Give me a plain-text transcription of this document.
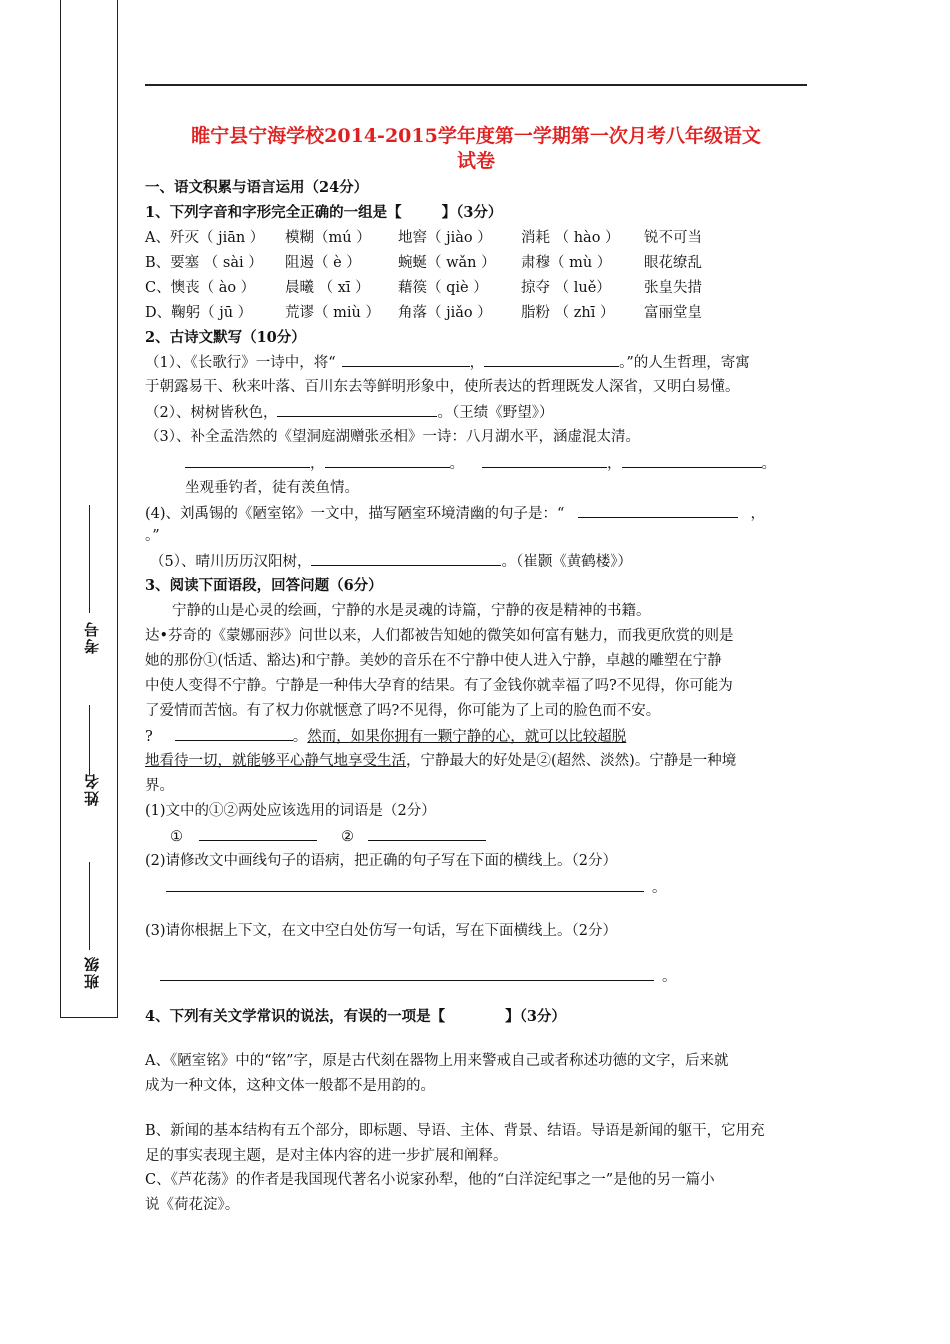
考号
姓名
班级
睢宁县宁海学校2014-2015学年度第一学期第一次月考八年级语文
试卷
一、语文积累与语言运用（24分）
1、下列字音和字形完全正确的一组是【	】（3分）
A、歼灭（ jiān ） 模糊（mú ） 地窖（ jiào ） 消耗 （ hào ） 锐不可当
B、要塞 （ sài ） 阻遏（ è ）	蜿蜒（ wǎn ） 肃穆（ mù ） 眼花缭乱
C、懊丧（ ào ） 晨曦 （ xī ） 藉篌（ qiè ） 掠夺 （ luě） 张皇失措
D、鞠躬（ jū ） 荒谬（ miù ） 角落（ jiǎo ） 脂粉 （ zhī ） 富丽堂皇
2、古诗文默写（10分）
（1）、《长歌行》一诗中，将“	，	。”的人生哲理，寄寓
于朝露易干、秋来叶落、百川东去等鲜明形象中，使所表达的哲理既发人深省，又明白易懂。
（2）、树树皆秋色，	。（王绩《野望》）
（3）、补全孟浩然的《望洞庭湖赠张丞相》一诗：八月湖水平，涵虚混太清。
，	。	，	。
坐观垂钓者，徒有羡鱼情。
(4)、刘禹锡的《陋室铭》一文中，描写陋室环境清幽的句子是：“	，
。”
（5）、晴川历历汉阳树，	。（崔颢《黄鹤楼》）
3、阅读下面语段，回答问题（6分）
宁静的山是心灵的绘画，宁静的水是灵魂的诗篇，宁静的夜是精神的书籍。
达•芬奇的《蒙娜丽莎》问世以来，人们都被告知她的微笑如何富有魅力，而我更欣赏的则是
她的那份①(恬适、豁达)和宁静。美妙的音乐在不宁静中使人进入宁静，卓越的雕塑在宁静
中使人变得不宁静。宁静是一种伟大孕育的结果。有了金钱你就幸福了吗?不见得，你可能为
了爱情而苦恼。有了权力你就惬意了吗?不见得，你可能为了上司的脸色而不安。
?	。然而，如果你拥有一颗宁静的心，就可以比较超脱
地看待一切，就能够平心静气地享受生活，宁静最大的好处是②(超然、淡然)。宁静是一种境
界。
(1)文中的①②两处应该选用的词语是（2分）
①	②
(2)请修改文中画线句子的语病，把正确的句子写在下面的横线上。（2分）
。
(3)请你根据上下文，在文中空白处仿写一句话，写在下面横线上。（2分）
。
4、下列有关文学常识的说法，有误的一项是【	】（3分）
A、《陋室铭》中的“铭”字，原是古代刻在器物上用来警戒自己或者称述功德的文字，后来就
成为一种文体，这种文体一般都不是用韵的。
B、新闻的基本结构有五个部分，即标题、导语、主体、背景、结语。导语是新闻的躯干，它用充
足的事实表现主题，是对主体内容的进一步扩展和阐释。
C、《芦花荡》的作者是我国现代著名小说家孙犁，他的“白洋淀纪事之一”是他的另一篇小
说《荷花淀》。
